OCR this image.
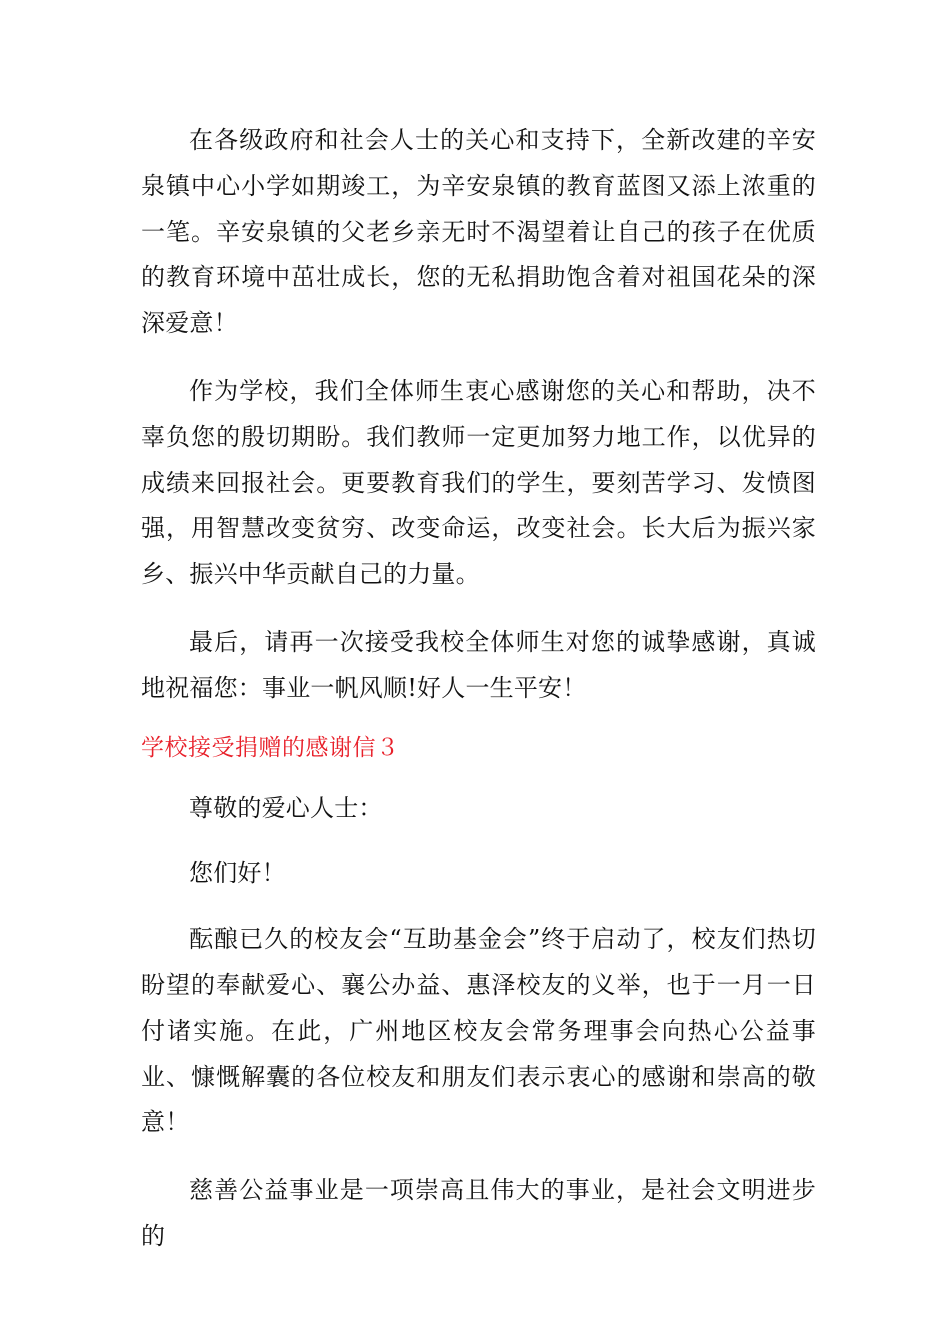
在各级政府和社会人士的关心和支持下，全新改建的辛安泉镇中心小学如期竣工，为辛安泉镇的教育蓝图又添上浓重的一笔。辛安泉镇的父老乡亲无时不渴望着让自己的孩子在优质的教育环境中茁壮成长，您的无私捐助饱含着对祖国花朵的深深爱意！

作为学校，我们全体师生衷心感谢您的关心和帮助，决不辜负您的殷切期盼。我们教师一定更加努力地工作，以优异的成绩来回报社会。更要教育我们的学生，要刻苦学习、发愤图强，用智慧改变贫穷、改变命运，改变社会。长大后为振兴家乡、振兴中华贡献自己的力量。

最后，请再一次接受我校全体师生对您的诚挚感谢，真诚地祝福您：事业一帆风顺!好人一生平安！

学校接受捐赠的感谢信３

尊敬的爱心人士：

您们好！

酝酿已久的校友会“互助基金会”终于启动了，校友们热切盼望的奉献爱心、襄公办益、惠泽校友的义举，也于一月一日付诸实施。在此，广州地区校友会常务理事会向热心公益事业、慷慨解囊的各位校友和朋友们表示衷心的感谢和崇高的敬意！

慈善公益事业是一项崇高且伟大的事业，是社会文明进步的
